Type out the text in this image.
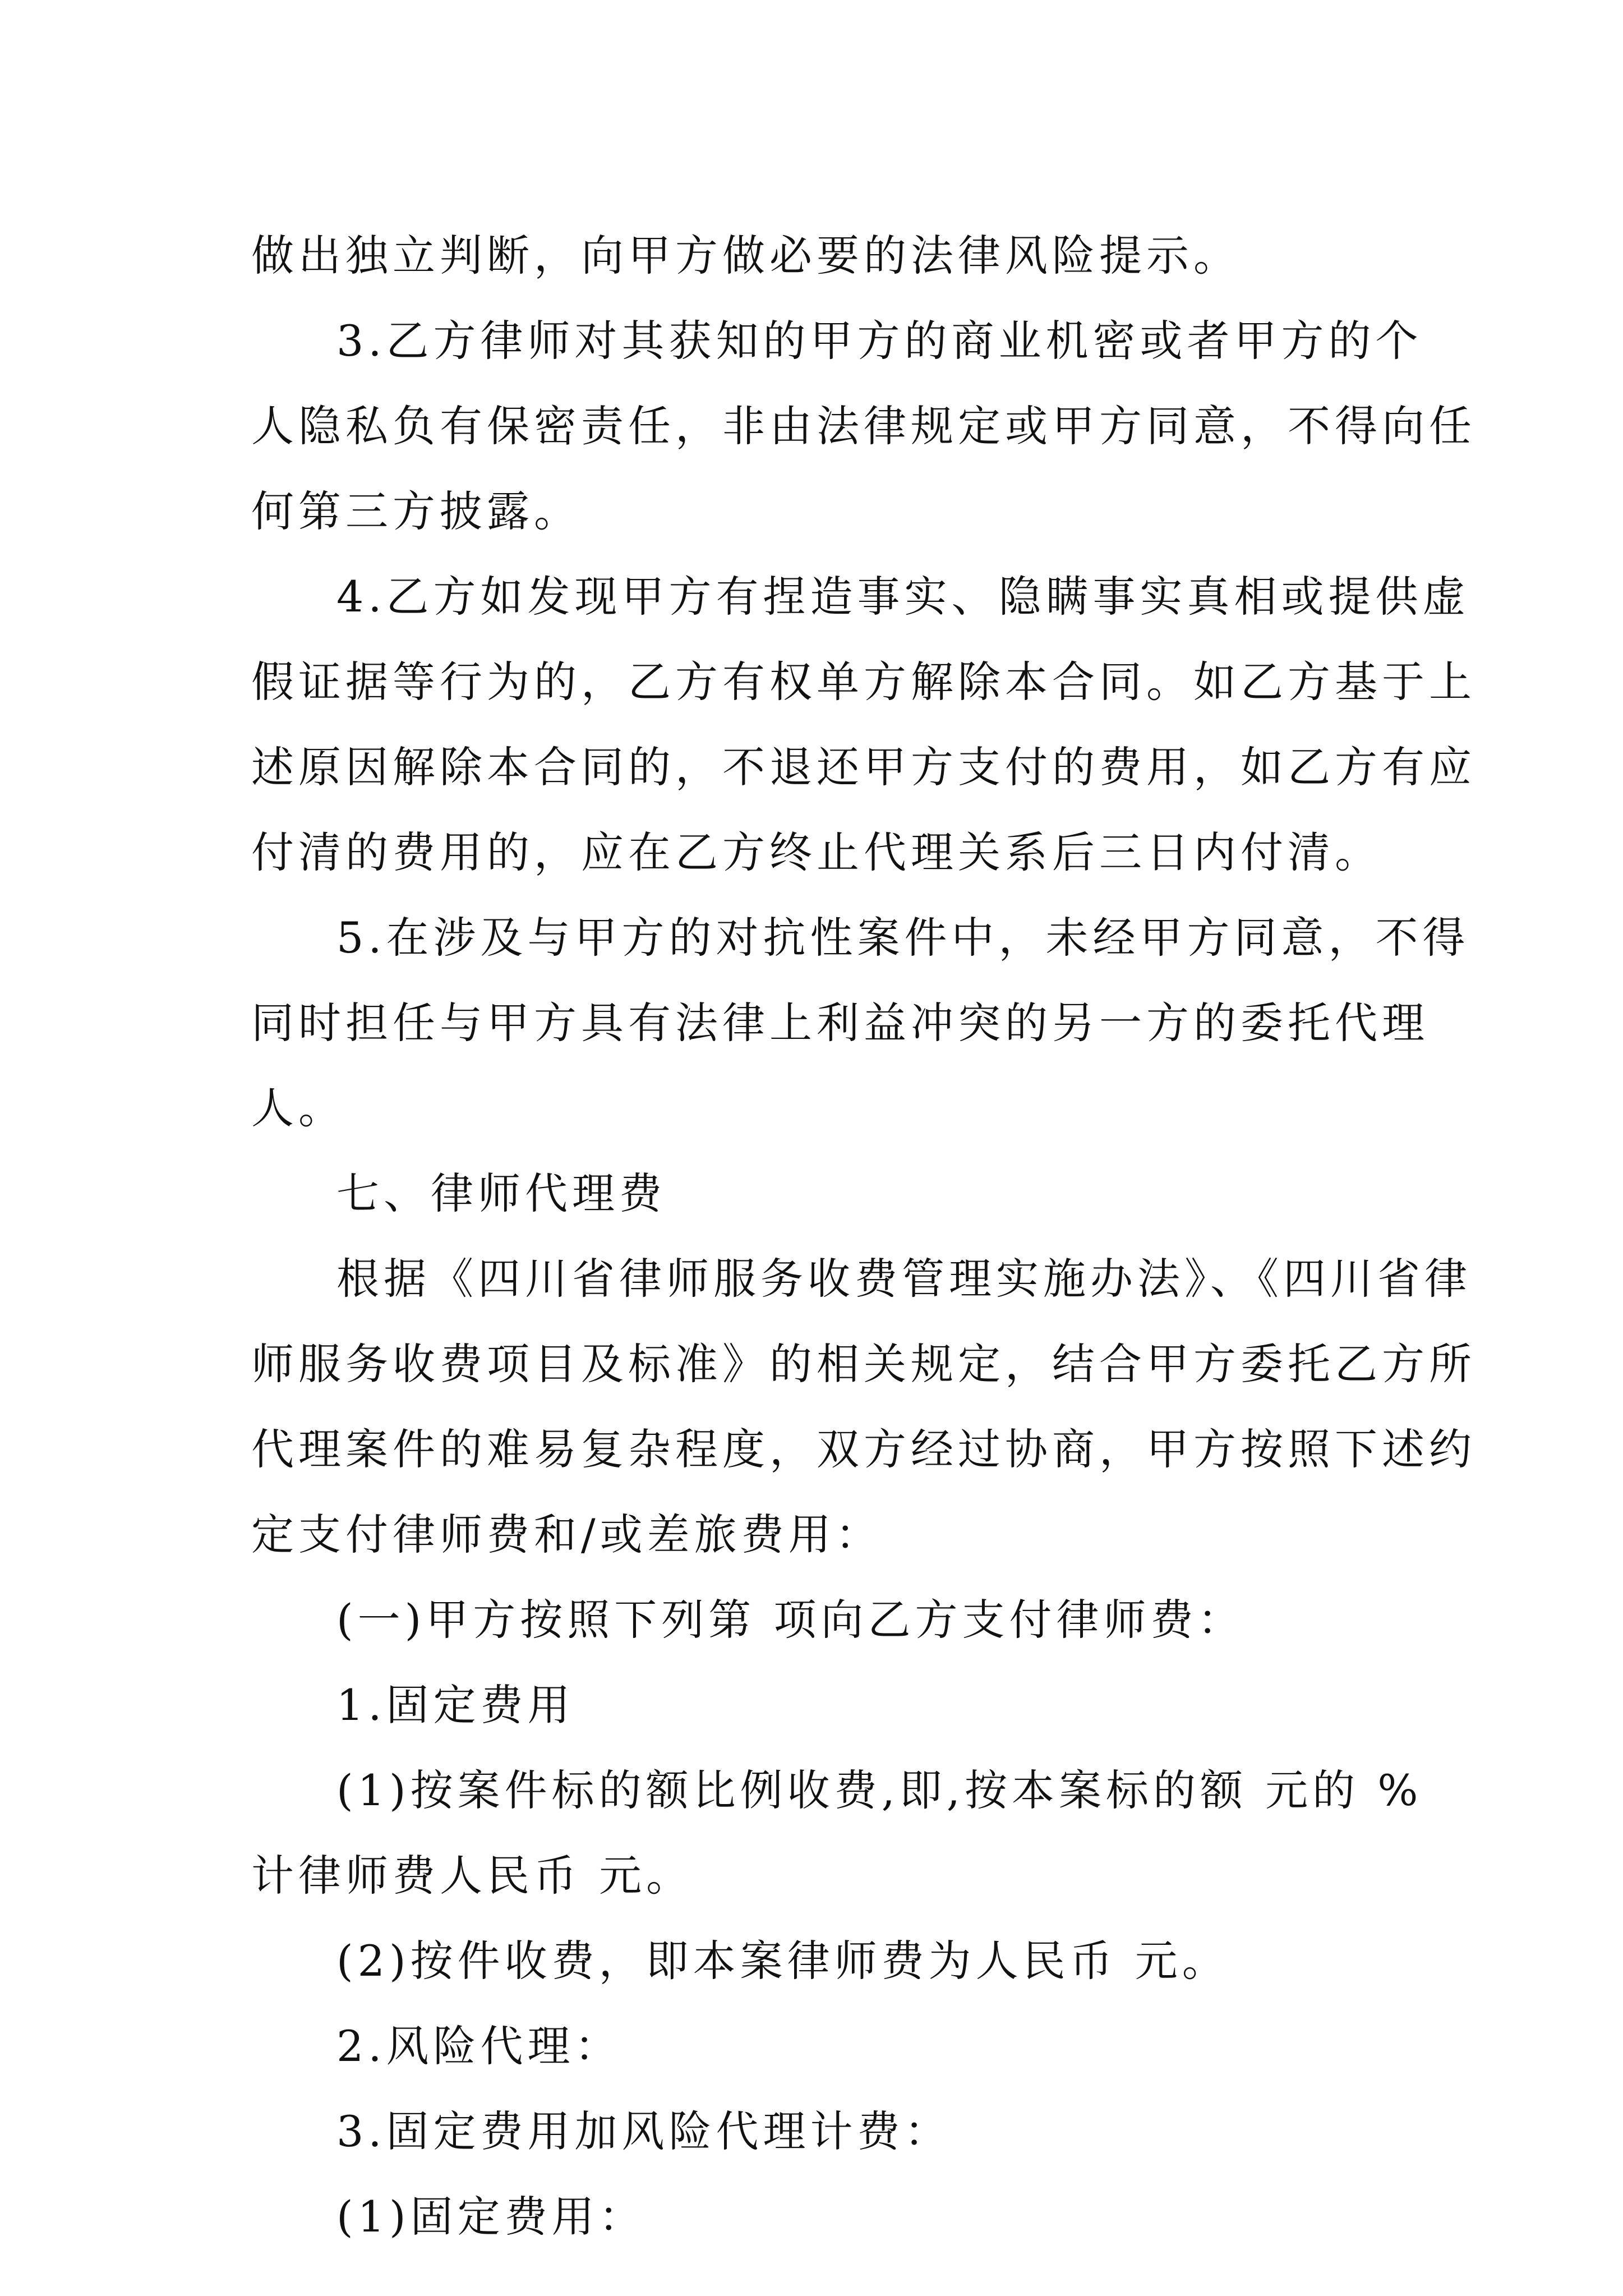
做出独立判断，向甲方做必要的法律风险提示。
3.乙方律师对其获知的甲方的商业机密或者甲方的个
人隐私负有保密责任，非由法律规定或甲方同意，不得向任
何第三方披露。
4.乙方如发现甲方有捏造事实、隐瞒事实真相或提供虚
假证据等行为的，乙方有权单方解除本合同。如乙方基于上
述原因解除本合同的，不退还甲方支付的费用，如乙方有应
付清的费用的，应在乙方终止代理关系后三日内付清。
5.在涉及与甲方的对抗性案件中，未经甲方同意，不得
同时担任与甲方具有法律上利益冲突的另一方的委托代理
人。
七、律师代理费
根据《四川省律师服务收费管理实施办法》、《四川省律
师服务收费项目及标准》的相关规定，结合甲方委托乙方所
代理案件的难易复杂程度，双方经过协商，甲方按照下述约
定支付律师费和/或差旅费用：
(一)甲方按照下列第 项向乙方支付律师费：
1.固定费用
(1)按案件标的额比例收费,即,按本案标的额 元的 %
计律师费人民币 元。
(2)按件收费，即本案律师费为人民币 元。
2.风险代理：
3.固定费用加风险代理计费：
(1)固定费用：
